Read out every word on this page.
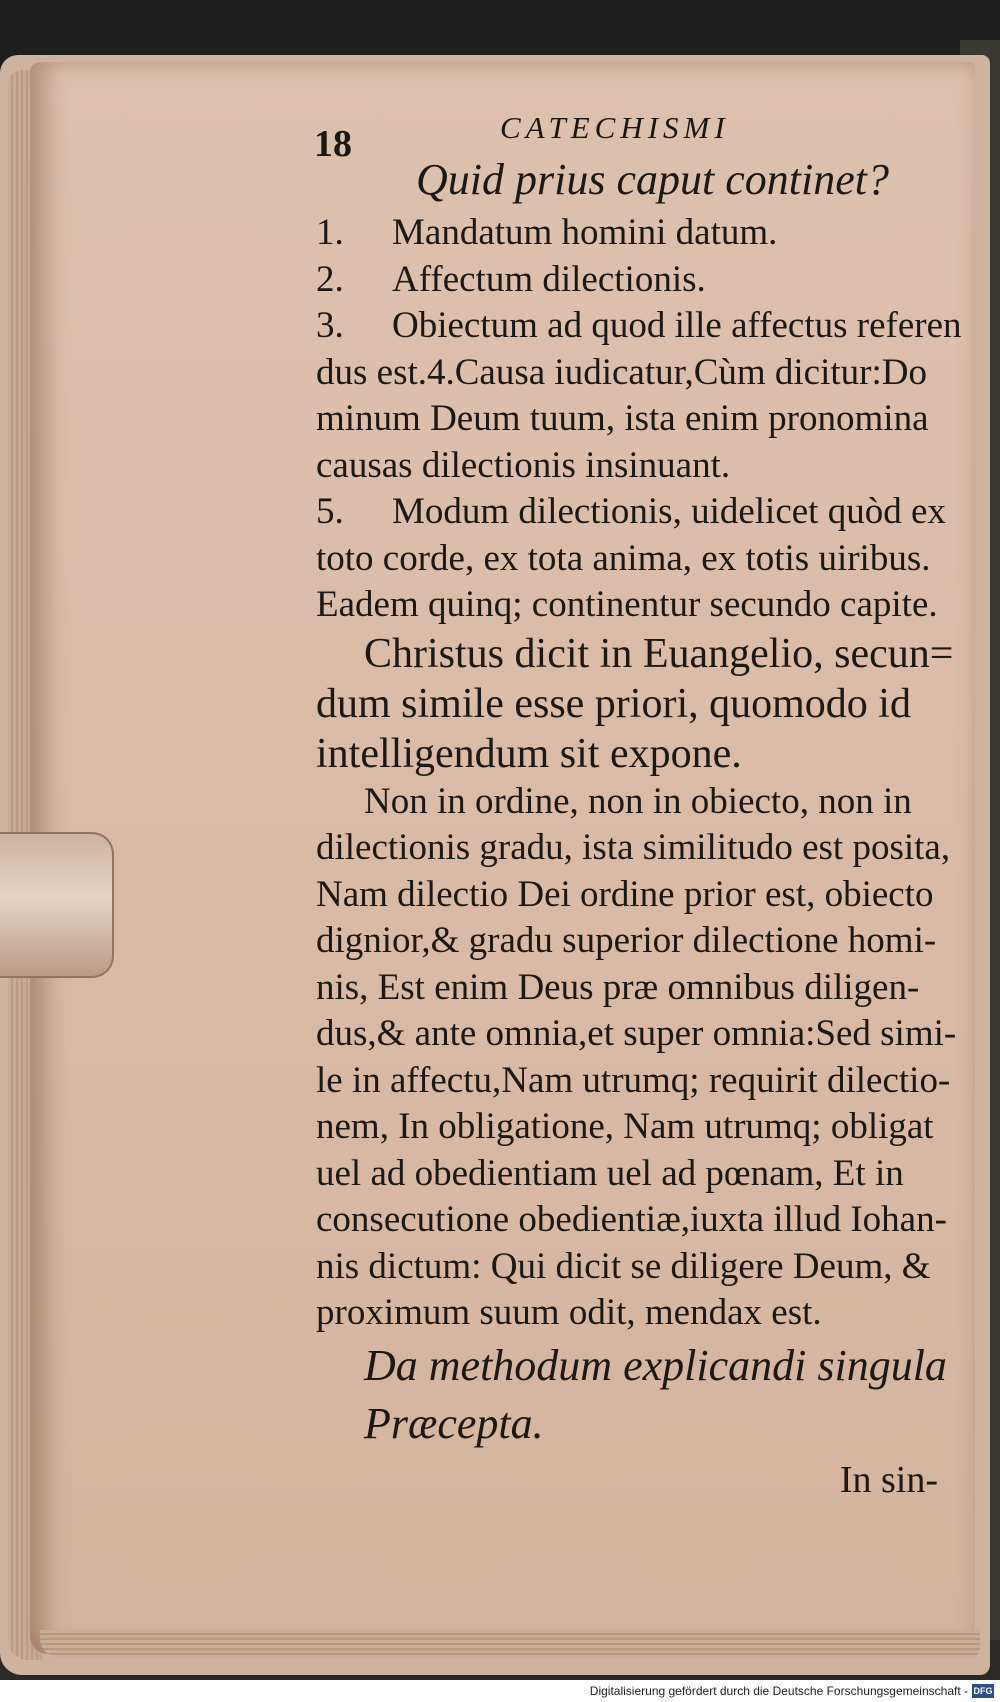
18	CATECHISMI
Quid prius caput continet?
1. Mandatum homini datum.
2. Affectum dilectionis.
3. Obiectum ad quod ille affectus referen
dus est.4.Causa iudicatur,Cùm dicitur:Do
minum Deum tuum, ista enim pronomina
causas dilectionis insinuant.
5. Modum dilectionis, uidelicet quòd ex
toto corde, ex tota anima, ex totis uiribus.
Eadem quinq; continentur secundo capite.
Christus dicit in Euangelio, secun=
dum simile esse priori, quomodo id
intelligendum sit expone.
Non in ordine, non in obiecto, non in
dilectionis gradu, ista similitudo est posita,
Nam dilectio Dei ordine prior est, obiecto
dignior,& gradu superior dilectione homi-
nis, Est enim Deus præ omnibus diligen-
dus,& ante omnia,et super omnia:Sed simi-
le in affectu,Nam utrumq; requirit dilectio-
nem, In obligatione, Nam utrumq; obligat
uel ad obedientiam uel ad pœnam, Et in
consecutione obedientiæ,iuxta illud Iohan-
nis dictum: Qui dicit se diligere Deum, &
proximum suum odit, mendax est.
Da methodum explicandi singula
Præcepta.
In sin-
Digitalisierung gefördert durch die Deutsche Forschungsgemeinschaft - DFG
